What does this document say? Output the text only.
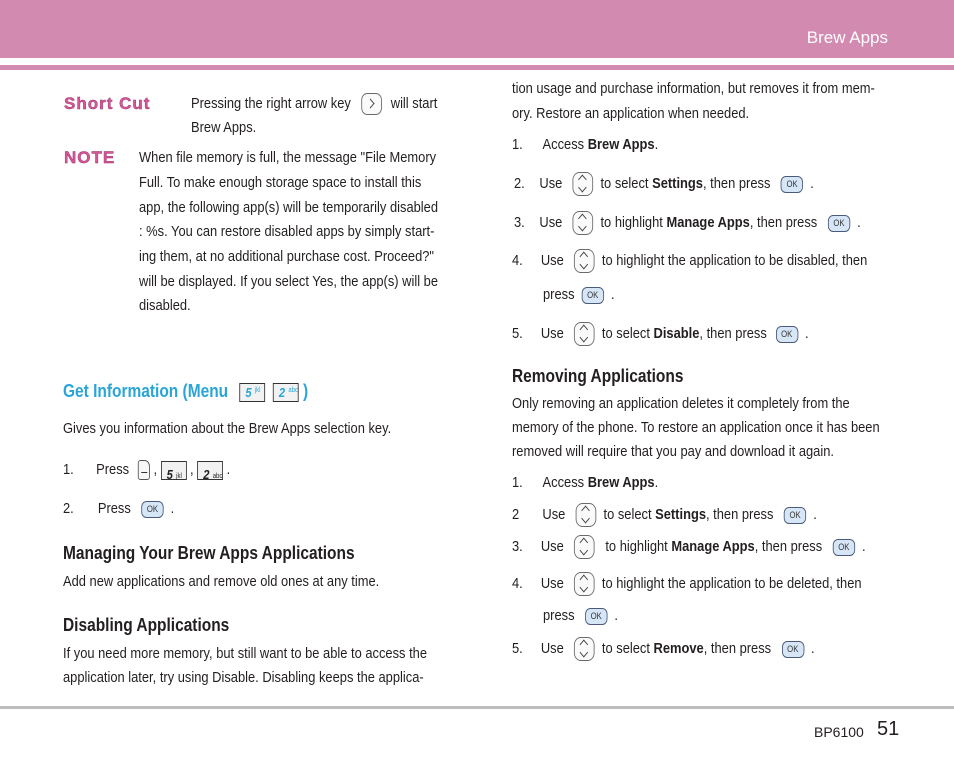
Brew Apps
Short Cut	Pressing the right arrow key	will start
Brew Apps.
NOTE When file memory is full, the message "File Memory
Full. To make enough storage space to install this
app, the following app(s) will be temporarily disabled
: %s. You can restore disabled apps by simply start-
ing them, at no additional purchase cost. Proceed?"
will be displayed. If you select Yes, the app(s) will be
disabled.
Get Information (Menu 5 jkl
2 abc )
Gives you information about the Brew Apps selection key.
1. Press , 5 jkl , 2 abc .
2. Press OK .
Managing Your Brew Apps Applications
Add new applications and remove old ones at any time.
Disabling Applications
If you need more memory, but still want to be able to access the
application later, try using Disable. Disabling keeps the applica-
tion usage and purchase information, but removes it from mem-
ory. Restore an application when needed.
1. Access Brew Apps.
2. Use	to select Settings, then press OK .
3. Use	to highlight Manage Apps, then press OK .
4. Use	to highlight the application to be disabled, then
press OK .
5. Use	to select Disable, then press OK .
Removing Applications
Only removing an application deletes it completely from the
memory of the phone. To restore an application once it has been
removed will require that you pay and download it again.
1. Access Brew Apps.
2 Use	to select Settings, then press OK .
3. Use	to highlight Manage Apps, then press OK .
4. Use	to highlight the application to be deleted, then
press OK .
5. Use	to select Remove, then press OK .
BP6100 51
